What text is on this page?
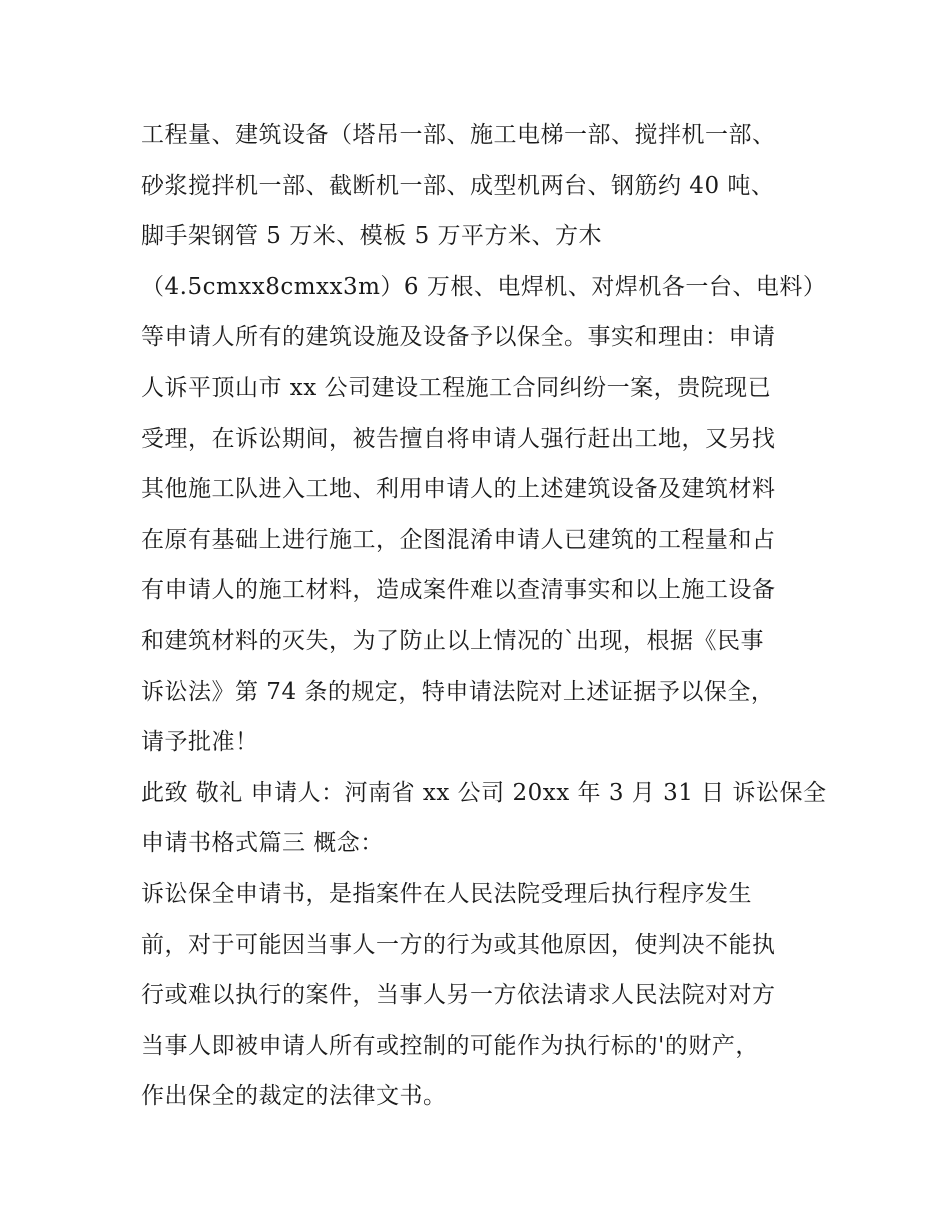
工程量、建筑设备（塔吊一部、施工电梯一部、搅拌机一部、
砂浆搅拌机一部、截断机一部、成型机两台、钢筋约 40 吨、
脚手架钢管 5 万米、模板 5 万平方米、方木
（4.5cmxx8cmxx3m）6 万根、电焊机、对焊机各一台、电料）
等申请人所有的建筑设施及设备予以保全。事实和理由：申请
人诉平顶山市 xx 公司建设工程施工合同纠纷一案，贵院现已
受理，在诉讼期间，被告擅自将申请人强行赶出工地，又另找
其他施工队进入工地、利用申请人的上述建筑设备及建筑材料
在原有基础上进行施工，企图混淆申请人已建筑的工程量和占
有申请人的施工材料，造成案件难以查清事实和以上施工设备
和建筑材料的灭失，为了防止以上情况的`出现，根据《民事
诉讼法》第 74 条的规定，特申请法院对上述证据予以保全，
请予批准！
此致 敬礼 申请人：河南省 xx 公司 20xx 年 3 月 31 日 诉讼保全
申请书格式篇三 概念：
诉讼保全申请书，是指案件在人民法院受理后执行程序发生
前，对于可能因当事人一方的行为或其他原因，使判决不能执
行或难以执行的案件，当事人另一方依法请求人民法院对对方
当事人即被申请人所有或控制的可能作为执行标的'的财产，
作出保全的裁定的法律文书。
